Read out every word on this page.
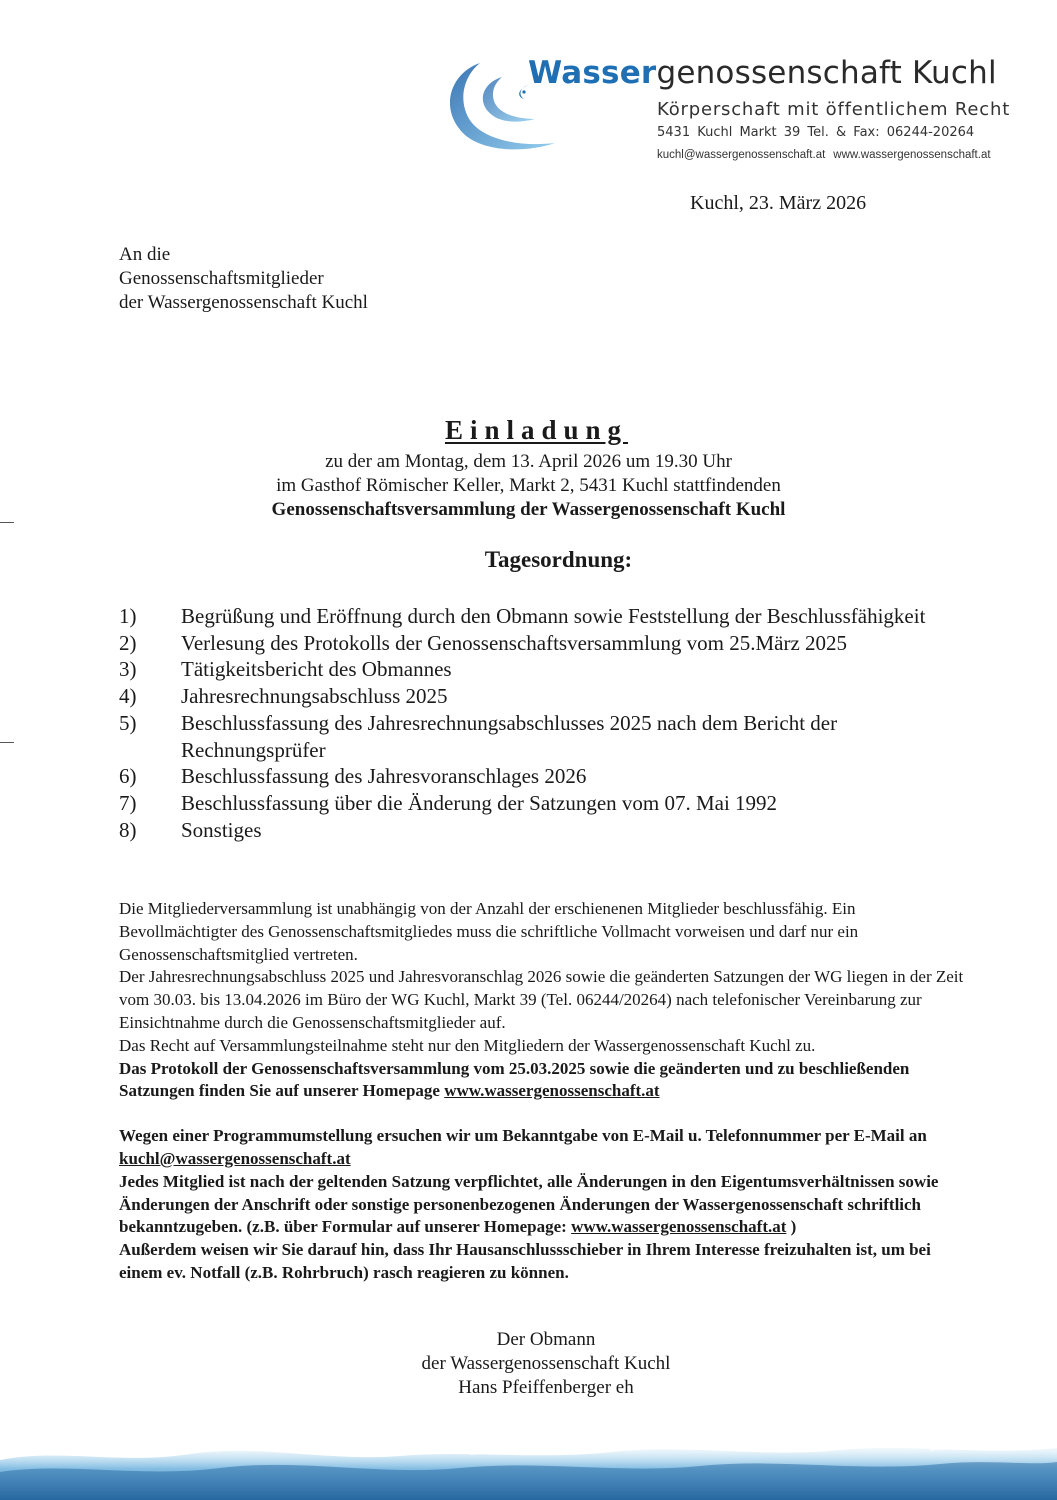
Wassergenossenschaft Kuchl
Körperschaft mit öffentlichem Recht
5431 Kuchl Markt 39 Tel. & Fax: 06244-20264
kuchl@wassergenossenschaft.at www.wassergenossenschaft.at
Kuchl, 23. März 2026
An die
Genossenschaftsmitglieder
der Wassergenossenschaft Kuchl
Einladung
zu der am Montag, dem 13. April 2026 um 19.30 Uhr
im Gasthof Römischer Keller, Markt 2, 5431 Kuchl stattfindenden
Genossenschaftsversammlung der Wassergenossenschaft Kuchl
Tagesordnung:
1)	Begrüßung und Eröffnung durch den Obmann sowie Feststellung der Beschlussfähigkeit
2)	Verlesung des Protokolls der Genossenschaftsversammlung vom 25.März 2025
3)	Tätigkeitsbericht des Obmannes
4)	Jahresrechnungsabschluss 2025
5)	Beschlussfassung des Jahresrechnungsabschlusses 2025 nach dem Bericht der Rechnungsprüfer
6)	Beschlussfassung des Jahresvoranschlages 2026
7)	Beschlussfassung über die Änderung der Satzungen vom 07. Mai 1992
8)	Sonstiges

Die Mitgliederversammlung ist unabhängig von der Anzahl der erschienenen Mitglieder beschlussfähig. Ein Bevollmächtigter des Genossenschaftsmitgliedes muss die schriftliche Vollmacht vorweisen und darf nur ein Genossenschaftsmitglied vertreten.

Der Jahresrechnungsabschluss 2025 und Jahresvoranschlag 2026 sowie die geänderten Satzungen der WG liegen in der Zeit vom 30.03. bis 13.04.2026 im Büro der WG Kuchl, Markt 39 (Tel. 06244/20264) nach telefonischer Vereinbarung zur Einsichtnahme durch die Genossenschaftsmitglieder auf.

Das Recht auf Versammlungsteilnahme steht nur den Mitgliedern der Wassergenossenschaft Kuchl zu.

Das Protokoll der Genossenschaftsversammlung vom 25.03.2025 sowie die geänderten und zu beschließenden Satzungen finden Sie auf unserer Homepage www.wassergenossenschaft.at

Wegen einer Programmumstellung ersuchen wir um Bekanntgabe von E-Mail u. Telefonnummer per E-Mail an kuchl@wassergenossenschaft.at

Jedes Mitglied ist nach der geltenden Satzung verpflichtet, alle Änderungen in den Eigentumsverhältnissen sowie Änderungen der Anschrift oder sonstige personenbezogenen Änderungen der Wassergenossenschaft schriftlich bekanntzugeben. (z.B. über Formular auf unserer Homepage: www.wassergenossenschaft.at )

Außerdem weisen wir Sie darauf hin, dass Ihr Hausanschlussschieber in Ihrem Interesse freizuhalten ist, um bei einem ev. Notfall (z.B. Rohrbruch) rasch reagieren zu können.

Der Obmann
der Wassergenossenschaft Kuchl
Hans Pfeiffenberger eh
